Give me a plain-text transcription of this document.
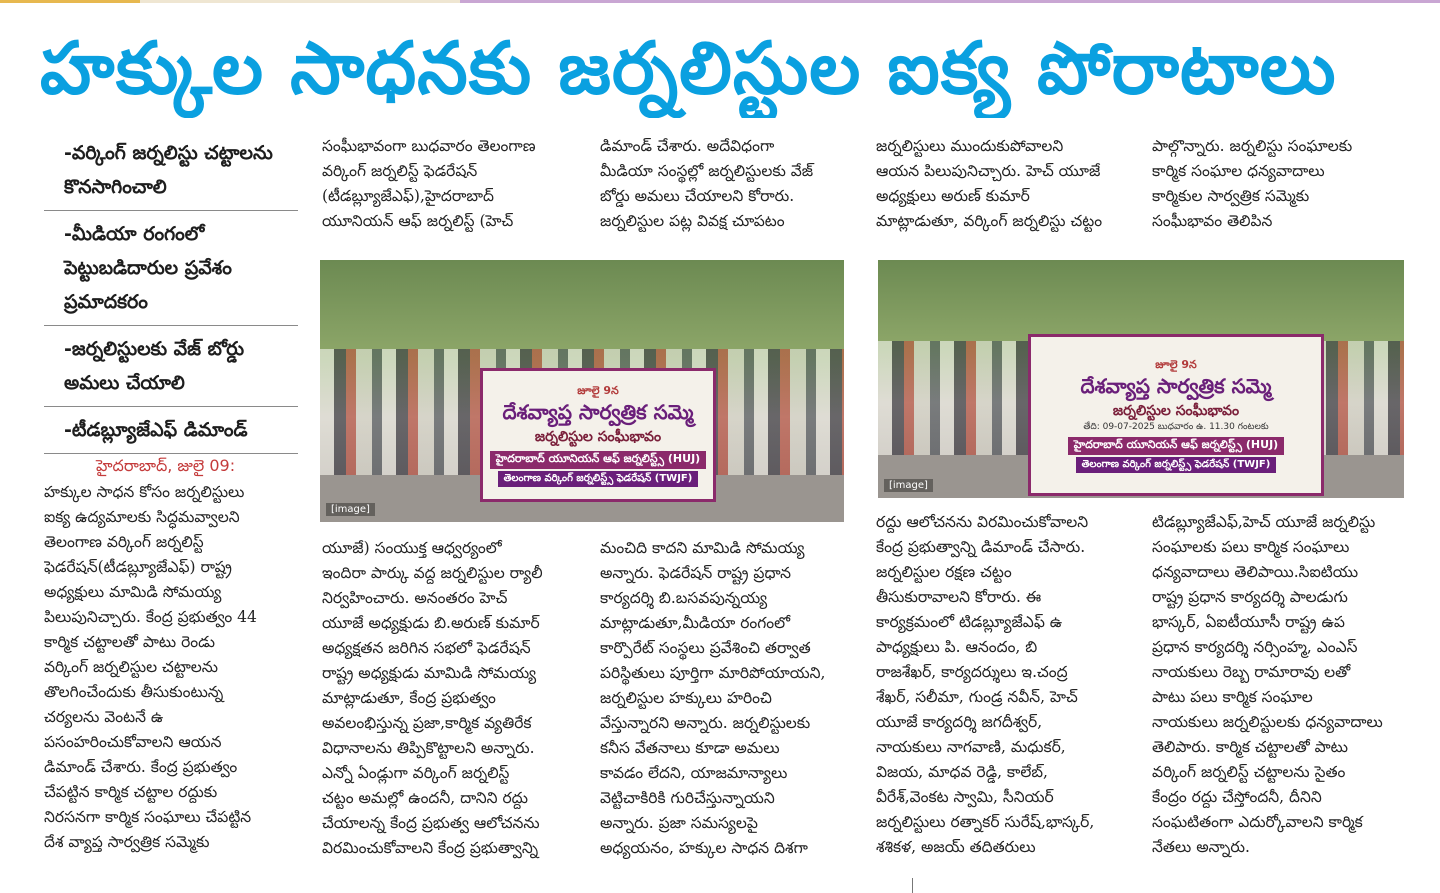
హక్కుల సాధనకు జర్నలిస్టుల ఐక్య పోరాటాలు
-వర్కింగ్ జర్నలిస్టు చట్టాలను కొనసాగించాలి
-మీడియా రంగంలో పెట్టుబడిదారుల ప్రవేశం ప్రమాదకరం
-జర్నలిస్టులకు వేజ్ బోర్డు అమలు చేయాలి
-టీడబ్ల్యూజేఎఫ్ డిమాండ్
హైదరాబాద్, జులై 09:
హక్కుల సాధన కోసం జర్నలిస్టులు
ఐక్య ఉద్యమాలకు సిద్ధమవ్వాలని
తెలంగాణ వర్కింగ్ జర్నలిస్ట్
ఫెడరేషన్(టీడబ్ల్యూజేఎఫ్) రాష్ట్ర
అధ్యక్షులు మామిడి సోమయ్య
పిలుపునిచ్చారు. కేంద్ర ప్రభుత్వం 44
కార్మిక చట్టాలతో పాటు రెండు
వర్కింగ్ జర్నలిస్టుల చట్టాలను
తొలగించేందుకు తీసుకుంటున్న
చర్యలను వెంటనే ఉ
పసంహరించుకోవాలని ఆయన
డిమాండ్ చేశారు. కేంద్ర ప్రభుత్వం
చేపట్టిన కార్మిక చట్టాల రద్దుకు
నిరసనగా కార్మిక సంఘాలు చేపట్టిన
దేశ వ్యాప్త సార్వత్రిక సమ్మెకు
సంఘీభావంగా బుధవారం తెలంగాణ
వర్కింగ్ జర్నలిస్ట్ ఫెడరేషన్
(టీడబ్ల్యూజేఎఫ్),హైదరాబాద్
యూనియన్ ఆఫ్ జర్నలిస్ట్ (హెచ్
డిమాండ్ చేశారు. అదేవిధంగా
మీడియా సంస్థల్లో జర్నలిస్టులకు వేజ్
బోర్డు అమలు చేయాలని కోరారు.
జర్నలిస్టుల పట్ల వివక్ష చూపటం
జర్నలిస్టులు ముందుకుపోవాలని
ఆయన పిలుపునిచ్చారు. హెచ్ యూజే
అధ్యక్షులు అరుణ్ కుమార్
మాట్లాడుతూ, వర్కింగ్ జర్నలిస్టు చట్టం
పాల్గొన్నారు. జర్నలిస్టు సంఘాలకు
కార్మిక సంఘాల ధన్యవాదాలు
కార్మికుల సార్వత్రిక సమ్మెకు
సంఘీభావం తెలిపిన
జూలై 9న
దేశవ్యాప్త సార్వత్రిక సమ్మె
జర్నలిస్టుల సంఘీభావం
హైదరాబాద్ యూనియన్ ఆఫ్ జర్నలిస్ట్స్ (HUJ)
తెలంగాణ వర్కింగ్ జర్నలిస్ట్స్ ఫెడరేషన్ (TWJF)
[image]
జూలై 9న
దేశవ్యాప్త సార్వత్రిక సమ్మె
జర్నలిస్టుల సంఘీభావం
తేది: 09-07-2025 బుధవారం ఉ. 11.30 గంటలకు
హైదరాబాద్ యూనియన్ ఆఫ్ జర్నలిస్ట్స్ (HUJ)
తెలంగాణ వర్కింగ్ జర్నలిస్ట్స్ ఫెడరేషన్ (TWJF)
[image]
యూజే) సంయుక్త ఆధ్వర్యంలో
ఇందిరా పార్కు వద్ద జర్నలిస్టుల ర్యాలీ
నిర్వహించారు. అనంతరం హెచ్
యూజే అధ్యక్షుడు బి.అరుణ్ కుమార్
అధ్యక్షతన జరిగిన సభలో ఫెడరేషన్
రాష్ట్ర అధ్యక్షుడు మామిడి సోమయ్య
మాట్లాడుతూ, కేంద్ర ప్రభుత్వం
అవలంభిస్తున్న ప్రజా,కార్మిక వ్యతిరేక
విధానాలను తిప్పికొట్టాలని అన్నారు.
ఎన్నో ఏండ్లుగా వర్కింగ్ జర్నలిస్ట్
చట్టం అమల్లో ఉందనీ, దానిని రద్దు
చేయాలన్న కేంద్ర ప్రభుత్వ ఆలోచనను
విరమించుకోవాలని కేంద్ర ప్రభుత్వాన్ని
మంచిది కాదని మామిడి సోమయ్య
అన్నారు. ఫెడరేషన్ రాష్ట్ర ప్రధాన
కార్యదర్శి బి.బసవపున్నయ్య
మాట్లాడుతూ,మీడియా రంగంలో
కార్పొరేట్ సంస్థలు ప్రవేశించి తర్వాత
పరిస్థితులు పూర్తిగా మారిపోయాయని,
జర్నలిస్టుల హక్కులు హరించి
వేస్తున్నారని అన్నారు. జర్నలిస్టులకు
కనీస వేతనాలు కూడా అమలు
కావడం లేదని, యాజమాన్యాలు
వెట్టిచాకిరికి గురిచేస్తున్నాయని
అన్నారు. ప్రజా సమస్యలపై
అధ్యయనం, హక్కుల సాధన దిశగా
రద్దు ఆలోచనను విరమించుకోవాలని
కేంద్ర ప్రభుత్వాన్ని డిమాండ్ చేసారు.
జర్నలిస్టుల రక్షణ చట్టం
తీసుకురావాలని కోరారు. ఈ
కార్యక్రమంలో టిడబ్ల్యూజేఎఫ్ ఉ
పాధ్యక్షులు పి. ఆనందం, బి
రాజశేఖర్, కార్యదర్శులు ఇ.చంద్ర
శేఖర్, సలీమా, గుండ్ర నవీన్, హెచ్
యూజే కార్యదర్శి జగదీశ్వర్,
నాయకులు నాగవాణి, మధుకర్,
విజయ, మాధవ రెడ్డి, కాలేబ్,
వీరేశ్,వెంకట స్వామి, సీనియర్
జర్నలిస్టులు రత్నాకర్ సురేష్,భాస్కర్,
శశికళ, అజయ్ తదితరులు
టిడబ్ల్యూజేఎఫ్,హెచ్ యూజే జర్నలిస్టు
సంఘాలకు పలు కార్మిక సంఘాలు
ధన్యవాదాలు తెలిపాయి.సిఐటియు
రాష్ట్ర ప్రధాన కార్యదర్శి పాలడుగు
భాస్కర్, ఏఐటీయూసీ రాష్ట్ర ఉప
ప్రధాన కార్యదర్శి నర్సింహ్మ, ఎంఎస్
నాయకులు రెబ్బ రామారావు లతో
పాటు పలు కార్మిక సంఘాల
నాయకులు జర్నలిస్టులకు ధన్యవాదాలు
తెలిపారు. కార్మిక చట్టాలతో పాటు
వర్కింగ్ జర్నలిస్ట్ చట్టాలను సైతం
కేంద్రం రద్దు చేస్తోందనీ, దీనిని
సంఘటితంగా ఎదుర్కోవాలని కార్మిక
నేతలు అన్నారు.
